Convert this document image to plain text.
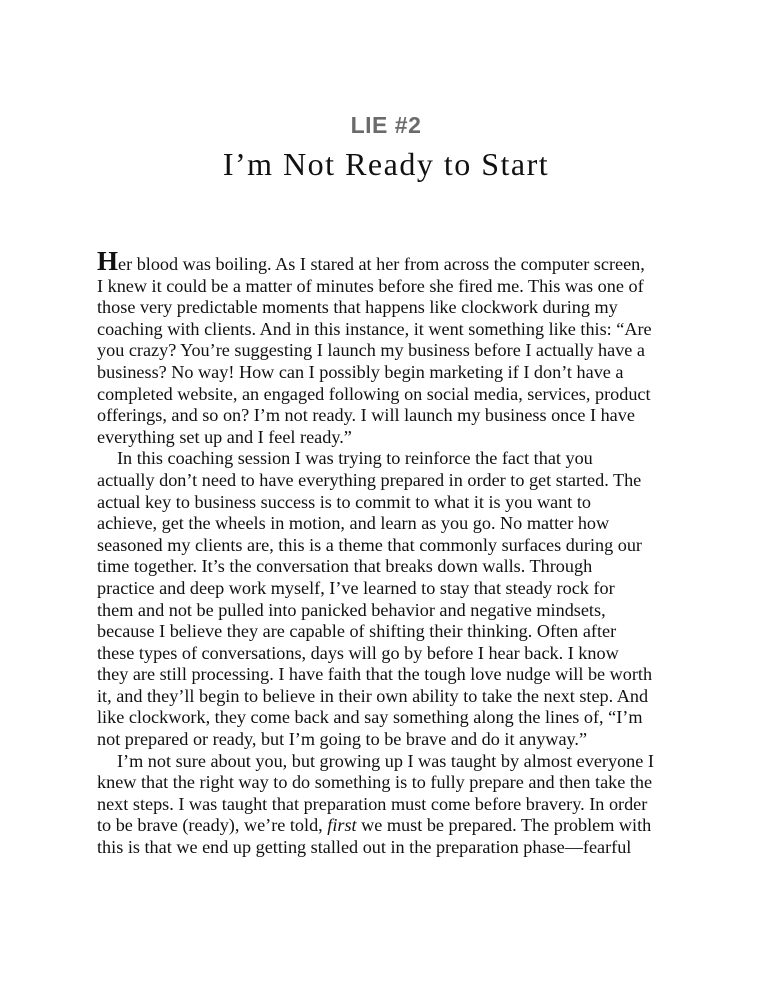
LIE #2
I’m Not Ready to Start
Her blood was boiling. As I stared at her from across the computer screen,
I knew it could be a matter of minutes before she fired me. This was one of
those very predictable moments that happens like clockwork during my
coaching with clients. And in this instance, it went something like this: “Are
you crazy? You’re suggesting I launch my business before I actually have a
business? No way! How can I possibly begin marketing if I don’t have a
completed website, an engaged following on social media, services, product
offerings, and so on? I’m not ready. I will launch my business once I have
everything set up and I feel ready.”
In this coaching session I was trying to reinforce the fact that you
actually don’t need to have everything prepared in order to get started. The
actual key to business success is to commit to what it is you want to
achieve, get the wheels in motion, and learn as you go. No matter how
seasoned my clients are, this is a theme that commonly surfaces during our
time together. It’s the conversation that breaks down walls. Through
practice and deep work myself, I’ve learned to stay that steady rock for
them and not be pulled into panicked behavior and negative mindsets,
because I believe they are capable of shifting their thinking. Often after
these types of conversations, days will go by before I hear back. I know
they are still processing. I have faith that the tough love nudge will be worth
it, and they’ll begin to believe in their own ability to take the next step. And
like clockwork, they come back and say something along the lines of, “I’m
not prepared or ready, but I’m going to be brave and do it anyway.”
I’m not sure about you, but growing up I was taught by almost everyone I
knew that the right way to do something is to fully prepare and then take the
next steps. I was taught that preparation must come before bravery. In order
to be brave (ready), we’re told, first we must be prepared. The problem with
this is that we end up getting stalled out in the preparation phase—fearful
